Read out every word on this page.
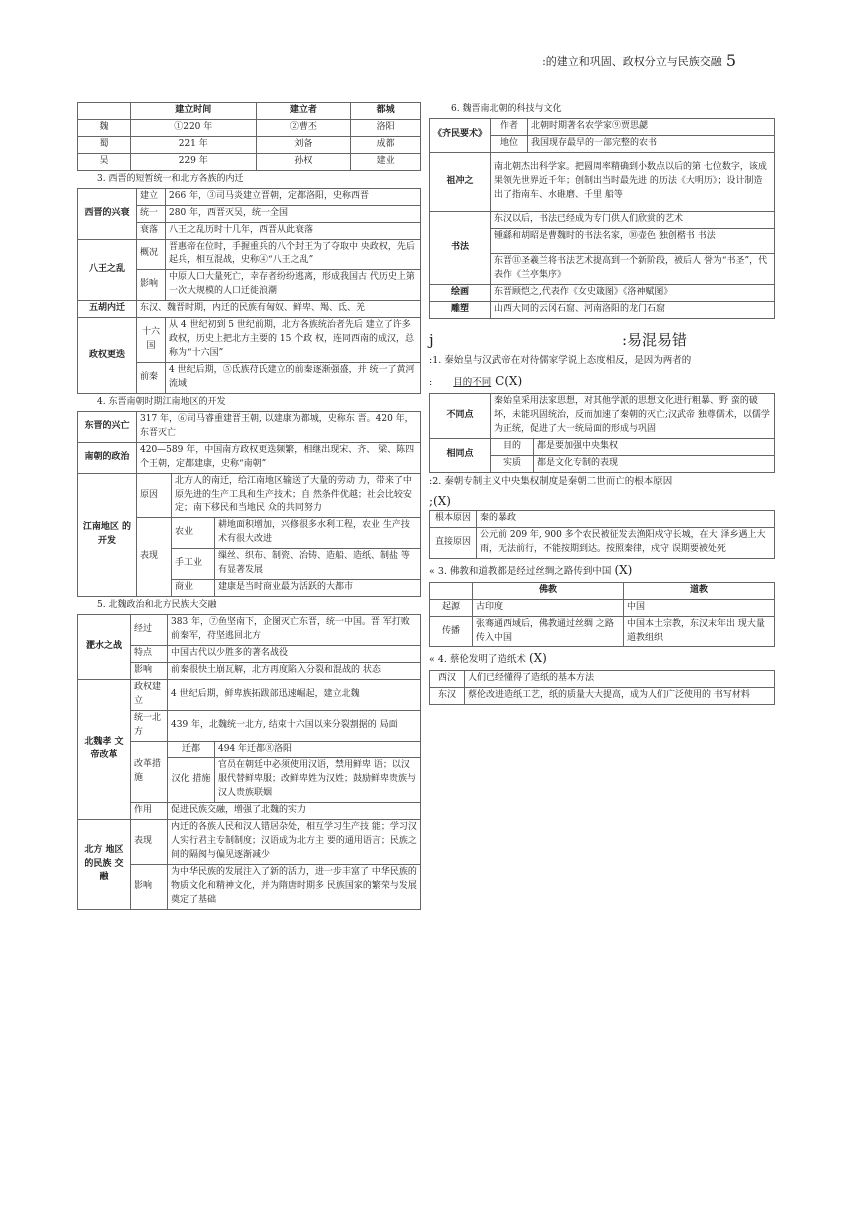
:的建立和巩固、政权分立与民族交融 5
	建立时间	建立者	都城
魏	①220 年	②曹丕	洛阳
蜀	221 年	刘备	成都
吴	229 年	孙权	建业
3. 西晋的短暂统一和北方各族的内迁
西晋的兴衰	建立	266 年，③司马炎建立晋朝，定都洛阳，史称西晋
	统一	280 年，西晋灭吴，统一全国
	衰落	八王之乱历时十几年，西晋从此衰落
八王之乱	概况	晋惠帝在位时，手握重兵的八个封王为了夺取中 央政权，先后起兵，相互混战，史称④“八王之乱”
	影响	中原人口大量死亡，幸存者纷纷逃离，形成我国古 代历史上第一次大规模的人口迁徙浪潮
五胡内迁	东汉、魏晋时期，内迁的民族有匈奴、鲜卑、羯、氐、羌	
政权更迭	十六国	从 4 世纪初到 5 世纪前期，北方各族统治者先后 建立了许多政权，历史上把北方主要的 15 个政 权，连同西南的成汉，总称为“十六国”
	前秦	4 世纪后期，⑤氐族苻氏建立的前秦逐渐强盛，并 统一了黄河流域
4. 东晋南朝时期江南地区的开发
东晋的兴亡	317 年，⑥司马睿重建晋王朝, 以建康为都城，史称东 晋。420 年，东晋灭亡		
南朝的政治	420—589 年，中国南方政权更迭频繁，相继出现宋、齐、 梁、陈四个王朝，定都建康，史称“南朝”		
江南地区 的开发	原因	北方人的南迁，给江南地区输送了大量的劳动 力，带来了中原先进的生产工具和生产技术；自 然条件优越；社会比较安定；南下移民和当地民 众的共同努力	
	表现	农业	耕地面积增加，兴修很多水利工程，农业 生产技术有很大改进
		手工业	缫丝、织布、制瓷、冶铸、造船、造纸、制盐 等有显著发展
		商业	建康是当时商业最为活跃的大都市
5. 北魏政治和北方民族大交融
淝水之战	经过	383 年，⑦鱼坚南下，企图灭亡东晋，统一中国。晋 军打败前秦军，苻坚逃回北方	
	特点	中国古代以少胜多的著名战役	
	影响	前秦很快土崩瓦解，北方再度陷入分裂和混战的 状态	
北魏孝 文帝改革	政权建立	4 世纪后期，鲜卑族拓跋部迅速崛起，建立北魏	
	统一北方	439 年，北魏统一北方, 结束十六国以来分裂割据的 局面	
	改革措施	迁都	494 年迁都⑧洛阳
		汉化 措施	官员在朝廷中必须使用汉语，禁用鲜卑 语；以汉服代替鲜卑服；改鲜卑姓为汉姓；鼓励鲜卑贵族与汉人贵族联姻
	作用	促进民族交融，增强了北魏的实力	
北方 地区 的民族 交融	表现	内迁的各族人民和汉人错居杂处，相互学习生产技 能；学习汉人实行君主专制制度；汉语成为北方主 要的通用语言；民族之间的隔阂与偏见逐渐减少	
	影响	为中华民族的发展注入了新的活力，进一步丰富了 中华民族的物质文化和精神文化，并为隋唐时期多 民族国家的繁荣与发展奠定了基础	
6. 魏晋南北朝的科技与文化
《齐民要术》	作者	北朝时期著名农学家⑨贾思勰
	地位	我国现存最早的一部完整的农书
祖冲之	南北朝杰出科学家。把圆周率精确到小数点以后的第 七位数字，该成果领先世界近千年；创制出当时最先进 的历法《大明历》；设计制造出了指南车、水碓磨、千里 船等	
书法	东汉以后，书法已经成为专门供人们欣赏的艺术	
	锺繇和胡昭是曹魏时的书法名家，⑩壶色 独创楷书 书法	
	东晋⑪圣羲兰将书法艺术提高到一个新阶段，被后人 誉为“书圣”，代表作《兰亭集序》	
绘画	东晋顾恺之,代表作《女史箴图》《洛神赋图》	
雕塑	山西大同的云冈石窟、河南洛阳的龙门石窟	
j	:易混易错
:1. 秦始皇与汉武帝在对待儒家学说上态度相反，是因为两者的
: 目的不同 C(X)
不同点	秦始皇采用法家思想，对其他学派的思想文化进行粗暴、野 蛮的破坏，未能巩固统治，反而加速了秦朝的灭亡;汉武帝 独尊儒术，以儒学为正统，促进了大一统局面的形成与巩固	
相同点	目的	都是要加强中央集权
	实质	都是文化专制的表现
:2. 秦朝专制主义中央集权制度是秦朝二世而亡的根本原因
;(X)
根本原因	秦的暴政
直接原因	公元前 209 年, 900 多个农民被征发去渔阳戍守长城，在大 泽乡遇上大雨，无法前行，不能按期到达。按照秦律，戍守 误期要被处死
« 3. 佛教和道教都是经过丝绸之路传到中国 (X)
	佛教	道教
起源	古印度	中国
传播	张骞通西域后，佛教通过丝绸 之路传入中国	中国本土宗教，东汉末年出 现大量道教组织
« 4. 蔡伦发明了造纸术 (X)
西汉	人们已经懂得了造纸的基本方法
东汉	蔡伦改进造纸工艺，纸的质量大大提高，成为人们广泛使用的 书写材料
